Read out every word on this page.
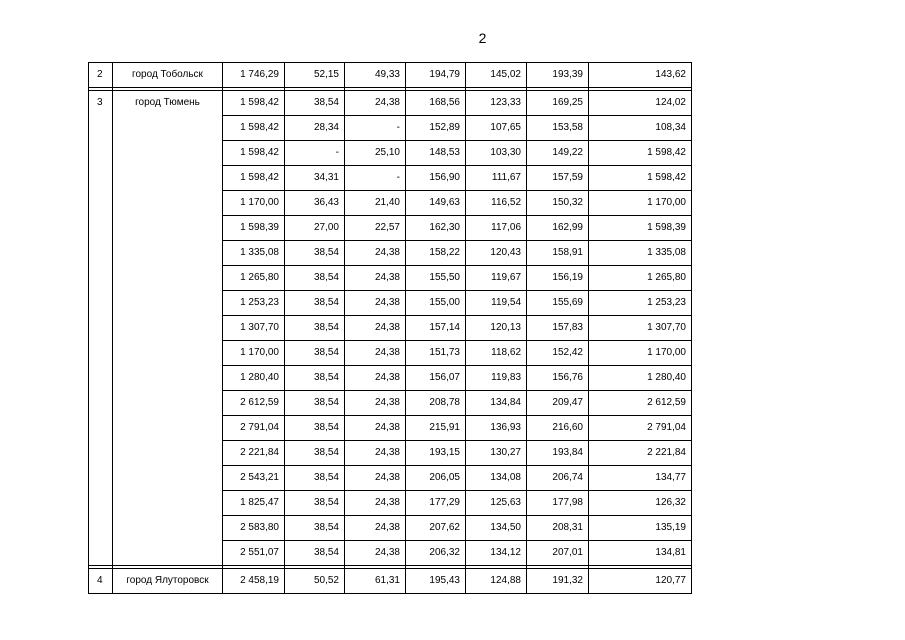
2
2	город Тобольск	1 746,29	52,15	49,33	194,79	145,02	193,39	143,62

3	город Тюмень	1 598,42	38,54	24,38	168,56	123,33	169,25	124,02
		1 598,42	28,34	-	152,89	107,65	153,58	108,34
		1 598,42	-	25,10	148,53	103,30	149,22	1 598,42
		1 598,42	34,31	-	156,90	111,67	157,59	1 598,42
		1 170,00	36,43	21,40	149,63	116,52	150,32	1 170,00
		1 598,39	27,00	22,57	162,30	117,06	162,99	1 598,39
		1 335,08	38,54	24,38	158,22	120,43	158,91	1 335,08
		1 265,80	38,54	24,38	155,50	119,67	156,19	1 265,80
		1 253,23	38,54	24,38	155,00	119,54	155,69	1 253,23
		1 307,70	38,54	24,38	157,14	120,13	157,83	1 307,70
		1 170,00	38,54	24,38	151,73	118,62	152,42	1 170,00
		1 280,40	38,54	24,38	156,07	119,83	156,76	1 280,40
		2 612,59	38,54	24,38	208,78	134,84	209,47	2 612,59
		2 791,04	38,54	24,38	215,91	136,93	216,60	2 791,04
		2 221,84	38,54	24,38	193,15	130,27	193,84	2 221,84
		2 543,21	38,54	24,38	206,05	134,08	206,74	134,77
		1 825,47	38,54	24,38	177,29	125,63	177,98	126,32
		2 583,80	38,54	24,38	207,62	134,50	208,31	135,19
		2 551,07	38,54	24,38	206,32	134,12	207,01	134,81

4	город Ялуторовск	2 458,19	50,52	61,31	195,43	124,88	191,32	120,77
